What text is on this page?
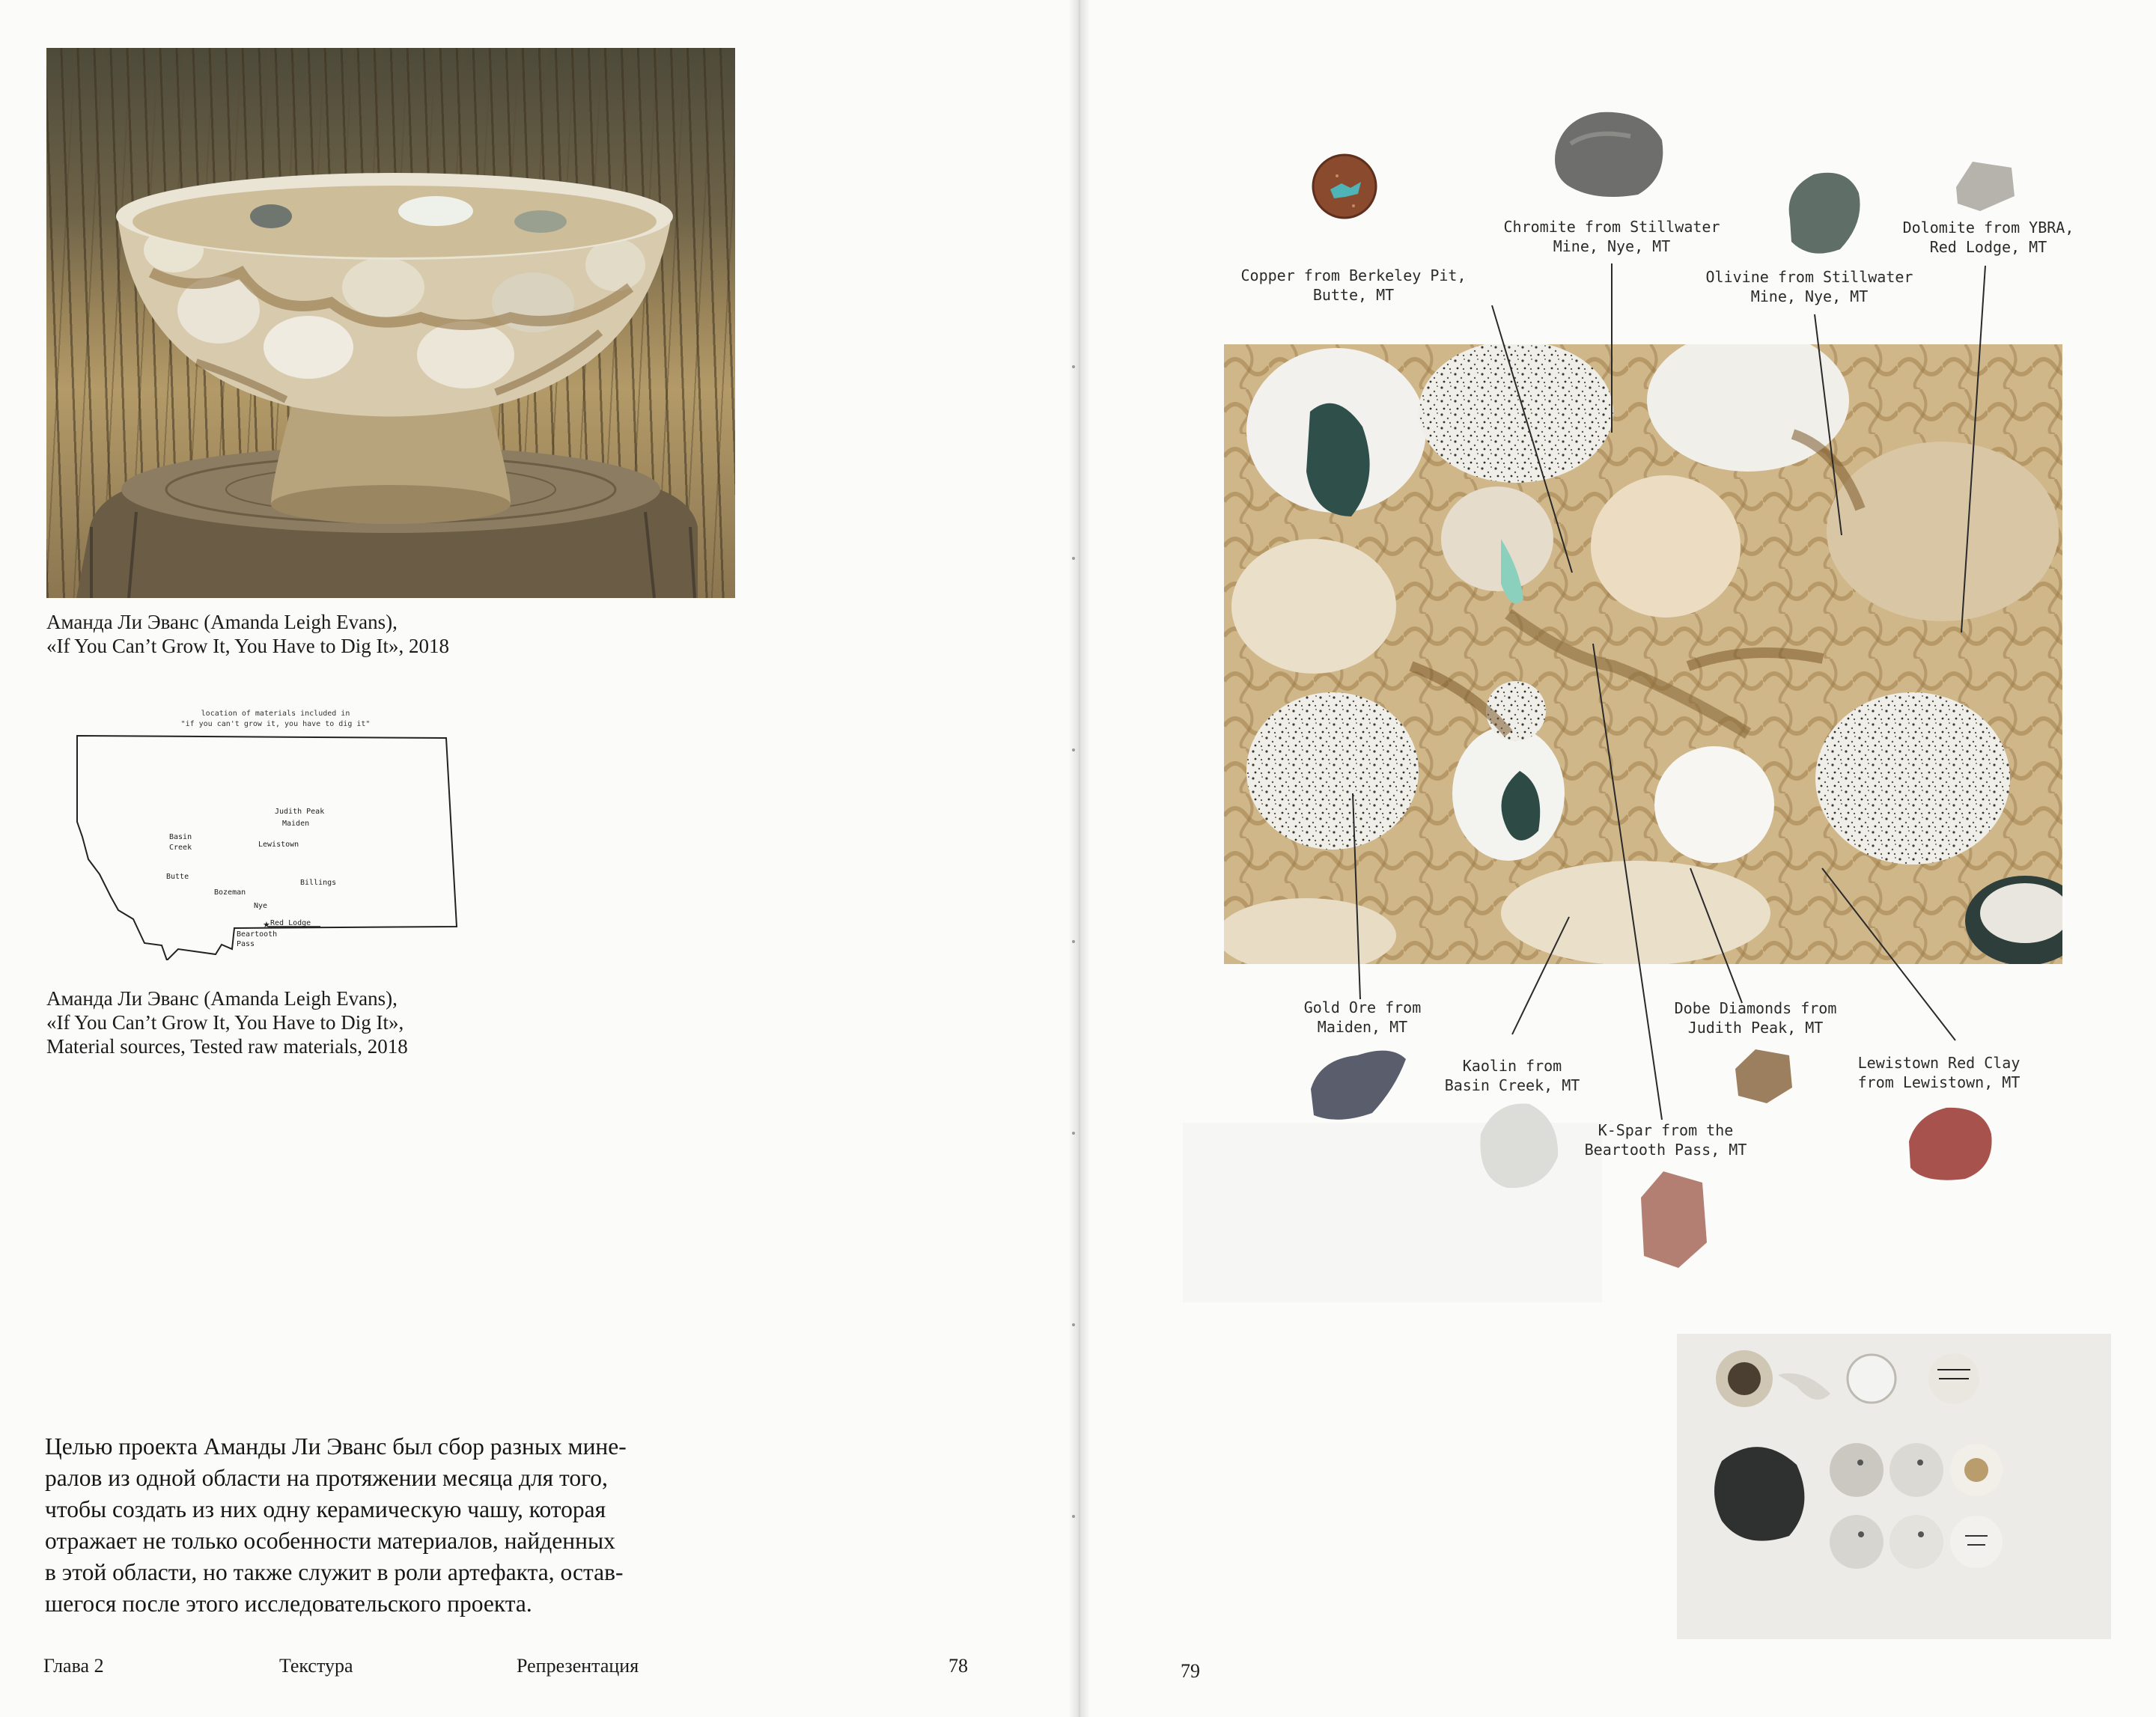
Аманда Ли Эванс (Amanda Leigh Evans),
«If You Can’t Grow It, You Have to Dig It», 2018
location of materials included in
"if you can't grow it, you have to dig it"
★
Judith Peak
Maiden
Lewistown
Basin
Creek
Butte
Billings
Bozeman
Nye
Red Lodge
Beartooth
Pass
Аманда Ли Эванс (Amanda Leigh Evans),
«If You Can’t Grow It, You Have to Dig It»,
Material sources, Tested raw materials, 2018
Целью проекта Аманды Ли Эванс был сбор разных мине-
ралов из одной области на протяжении месяца для того,
чтобы создать из них одну керамическую чашу, которая
отражает не только особенности материалов, найденных
в этой области, но также служит в роли артефакта, остав-
шегося после этого исследовательского проекта.
Глава 2	Текстура	Репрезентация	78
Copper from Berkeley Pit,
Butte, MT
Chromite from Stillwater
Mine, Nye, MT
Olivine from Stillwater
Mine, Nye, MT
Dolomite from YBRA,
Red Lodge, MT
Gold Ore from
Maiden, MT
Kaolin from
Basin Creek, MT
K-Spar from the
Beartooth Pass, MT
Dobe Diamonds from
Judith Peak, MT
Lewistown Red Clay
from Lewistown, MT
79
